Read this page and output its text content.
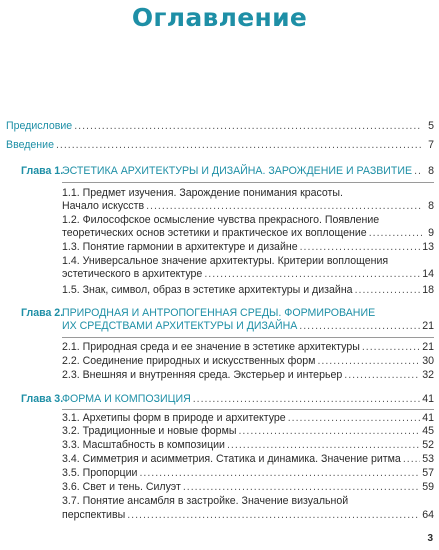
Оглавление
Предисловие .....	5
Введение .....	7
Глава 1.
ЭСТЕТИКА АРХИТЕКТУРЫ И ДИЗАЙНА. ЗАРОЖДЕНИЕ И РАЗВИТИЕ .....	8
1.1. Предмет изучения. Зарождение понимания красоты.
Начало искусств .....	8
1.2. Философское осмысление чувства прекрасного. Появление
теоретических основ эстетики и практическое их воплощение .....	9
1.3. Понятие гармонии в архитектуре и дизайне .....	13
1.4. Универсальное значение архитектуры. Критерии воплощения
эстетического в архитектуре .....	14
1.5. Знак, символ, образ в эстетике архитектуры и дизайна .....	18
Глава 2.
ПРИРОДНАЯ И АНТРОПОГЕННАЯ СРЕДЫ. ФОРМИРОВАНИЕ
ИХ СРЕДСТВАМИ АРХИТЕКТУРЫ И ДИЗАЙНА .....	21
2.1. Природная среда и ее значение в эстетике архитектуры .....	21
2.2. Соединение природных и искусственных форм .....	30
2.3. Внешняя и внутренняя среда. Экстерьер и интерьер .....	32
Глава 3.
ФОРМА И КОМПОЗИЦИЯ .....	41
3.1. Архетипы форм в природе и архитектуре .....	41
3.2. Традиционные и новые формы .....	45
3.3. Масштабность в композиции .....	52
3.4. Симметрия и асимметрия. Статика и динамика. Значение ритма ..... 53
3.5. Пропорции .....	57
3.6. Свет и тень. Силуэт .....	59
3.7. Понятие ансамбля в застройке. Значение визуальной
перспективы .....	64
3
